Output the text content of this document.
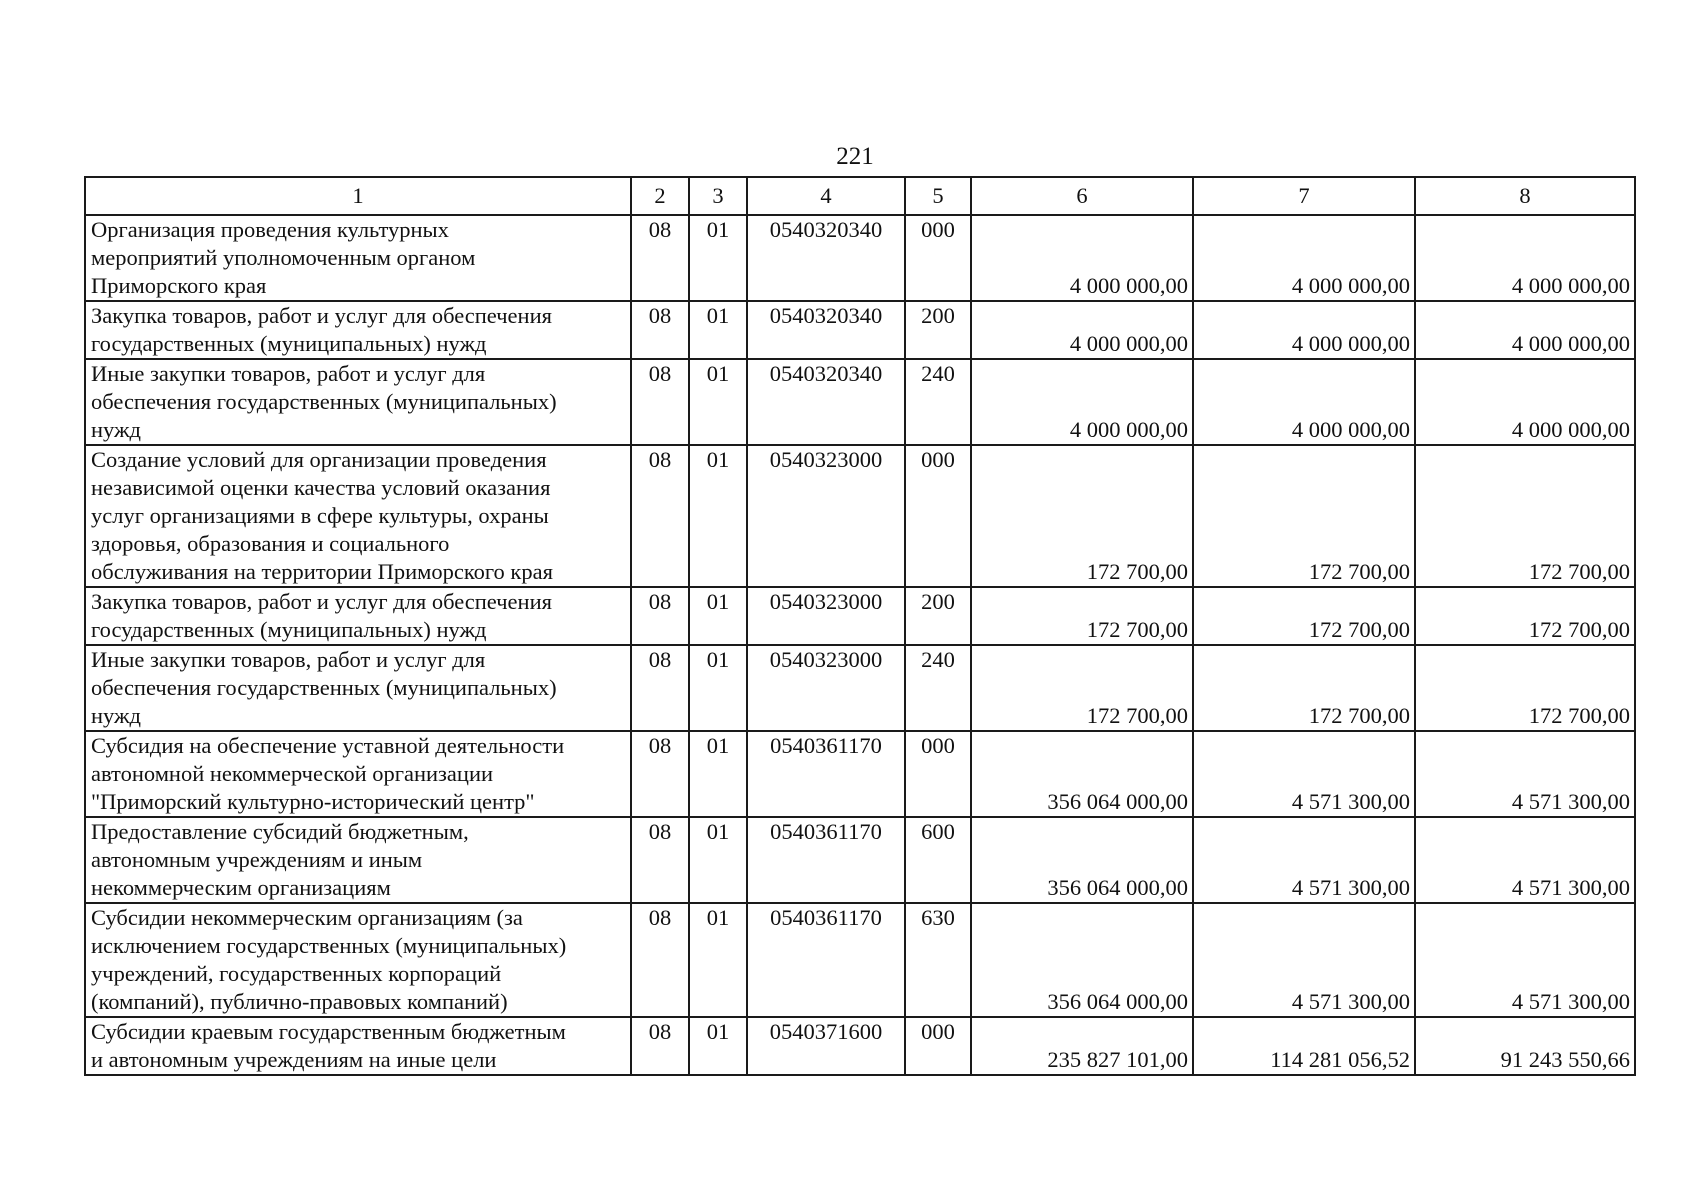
221
1	2	3	4	5	6	7	8

Организация проведения культурных
мероприятий уполномоченным органом
Приморского края	08	01	0540320340	000	4 000 000,00	4 000 000,00	4 000 000,00

Закупка товаров, работ и услуг для обеспечения
государственных (муниципальных) нужд	08	01	0540320340	200	4 000 000,00	4 000 000,00	4 000 000,00

Иные закупки товаров, работ и услуг для
обеспечения государственных (муниципальных)
нужд	08	01	0540320340	240	4 000 000,00	4 000 000,00	4 000 000,00

Создание условий для организации проведения
независимой оценки качества условий оказания
услуг организациями в сфере культуры, охраны
здоровья, образования и социального
обслуживания на территории Приморского края	08	01	0540323000	000	172 700,00	172 700,00	172 700,00

Закупка товаров, работ и услуг для обеспечения
государственных (муниципальных) нужд	08	01	0540323000	200	172 700,00	172 700,00	172 700,00

Иные закупки товаров, работ и услуг для
обеспечения государственных (муниципальных)
нужд	08	01	0540323000	240	172 700,00	172 700,00	172 700,00

Субсидия на обеспечение уставной деятельности
автономной некоммерческой организации
"Приморский культурно-исторический центр"	08	01	0540361170	000	356 064 000,00	4 571 300,00	4 571 300,00

Предоставление субсидий бюджетным,
автономным учреждениям и иным
некоммерческим организациям	08	01	0540361170	600	356 064 000,00	4 571 300,00	4 571 300,00

Субсидии некоммерческим организациям (за
исключением государственных (муниципальных)
учреждений, государственных корпораций
(компаний), публично-правовых компаний)	08	01	0540361170	630	356 064 000,00	4 571 300,00	4 571 300,00

Субсидии краевым государственным бюджетным
и автономным учреждениям на иные цели	08	01	0540371600	000	235 827 101,00	114 281 056,52	91 243 550,66
